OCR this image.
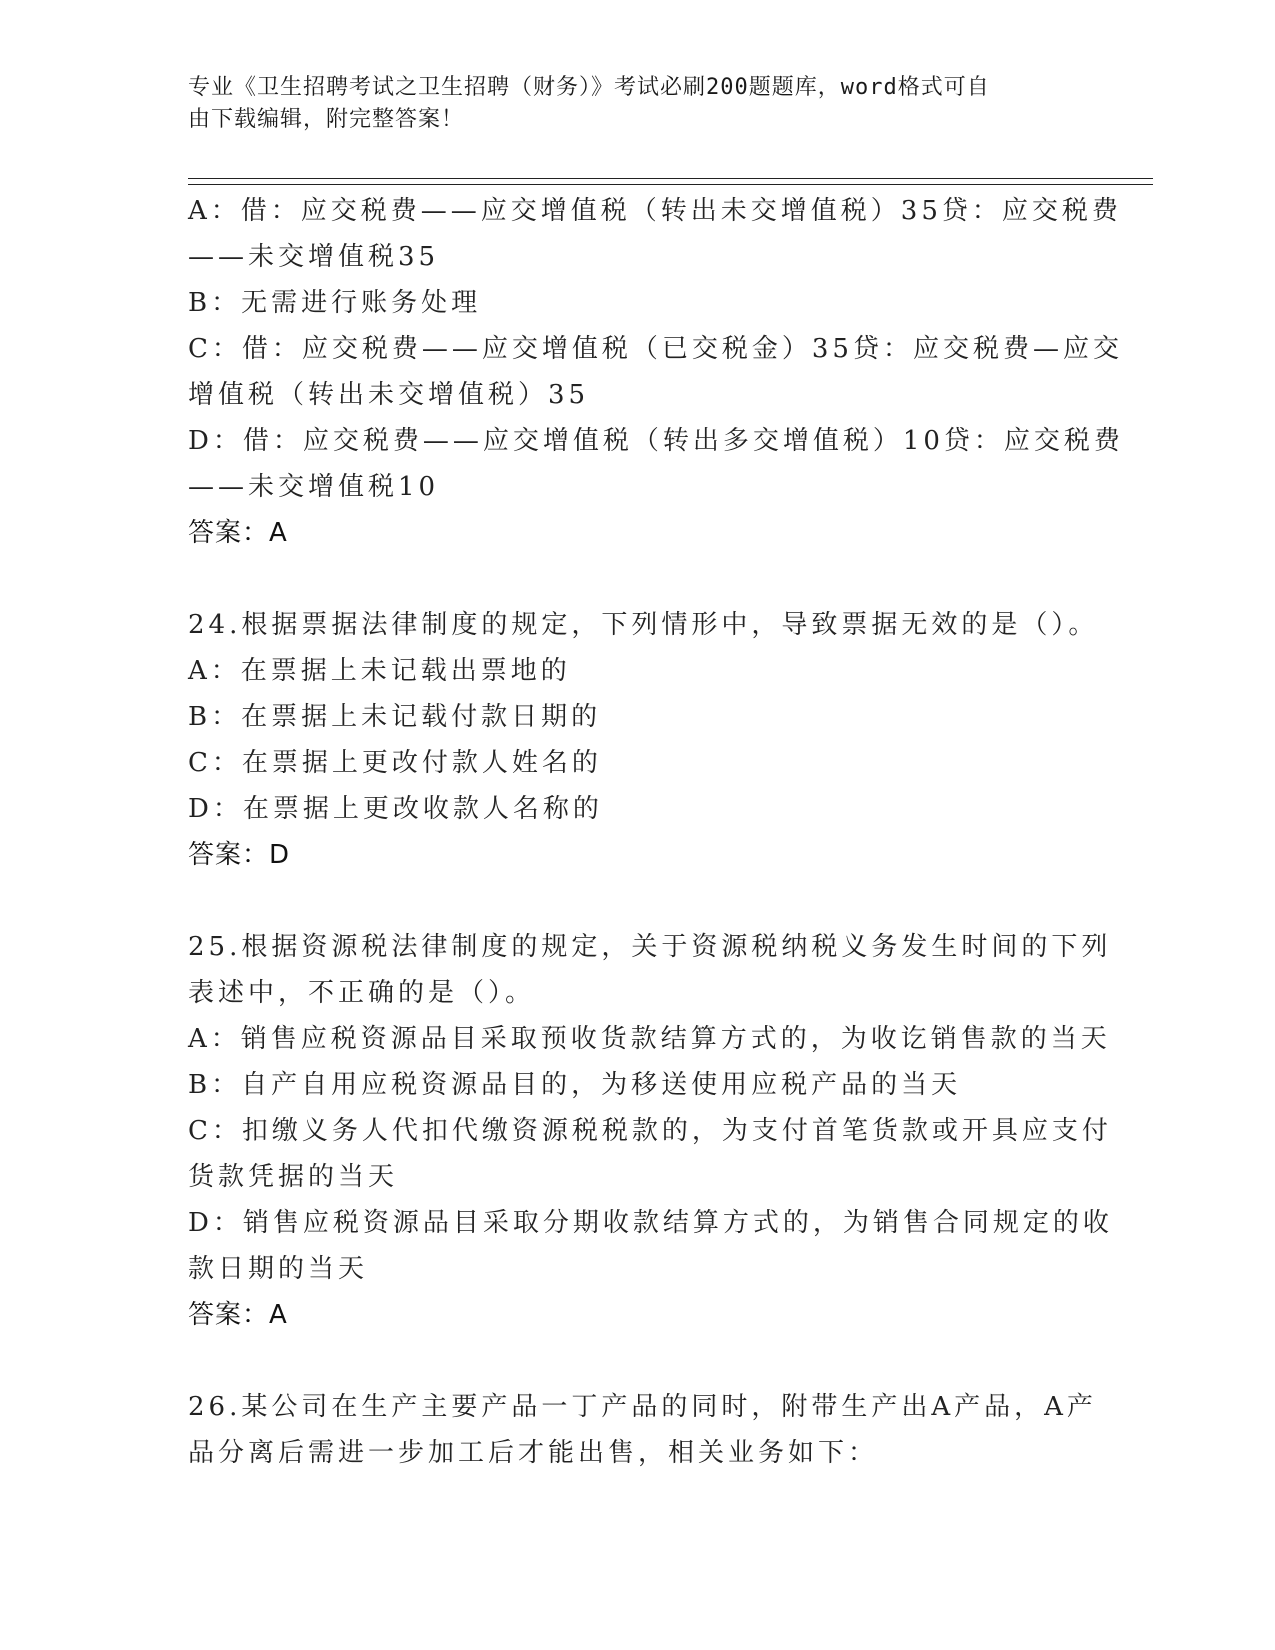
专业《卫生招聘考试之卫生招聘（财务）》考试必刷200题题库，word格式可自
由下载编辑，附完整答案！
A：借：应交税费——应交增值税（转出未交增值税）35贷：应交税费
——未交增值税35
B：无需进行账务处理
C：借：应交税费——应交增值税（已交税金）35贷：应交税费—应交
增值税（转出未交增值税）35
D：借：应交税费——应交增值税（转出多交增值税）10贷：应交税费
——未交增值税10
答案：A
24.根据票据法律制度的规定，下列情形中，导致票据无效的是（）。
A：在票据上未记载出票地的
B：在票据上未记载付款日期的
C：在票据上更改付款人姓名的
D：在票据上更改收款人名称的
答案：D
25.根据资源税法律制度的规定，关于资源税纳税义务发生时间的下列
表述中，不正确的是（）。
A：销售应税资源品目采取预收货款结算方式的，为收讫销售款的当天
B：自产自用应税资源品目的，为移送使用应税产品的当天
C：扣缴义务人代扣代缴资源税税款的，为支付首笔货款或开具应支付
货款凭据的当天
D：销售应税资源品目采取分期收款结算方式的，为销售合同规定的收
款日期的当天
答案：A
26.某公司在生产主要产品一丁产品的同时，附带生产出A产品，A产
品分离后需进一步加工后才能出售，相关业务如下：
